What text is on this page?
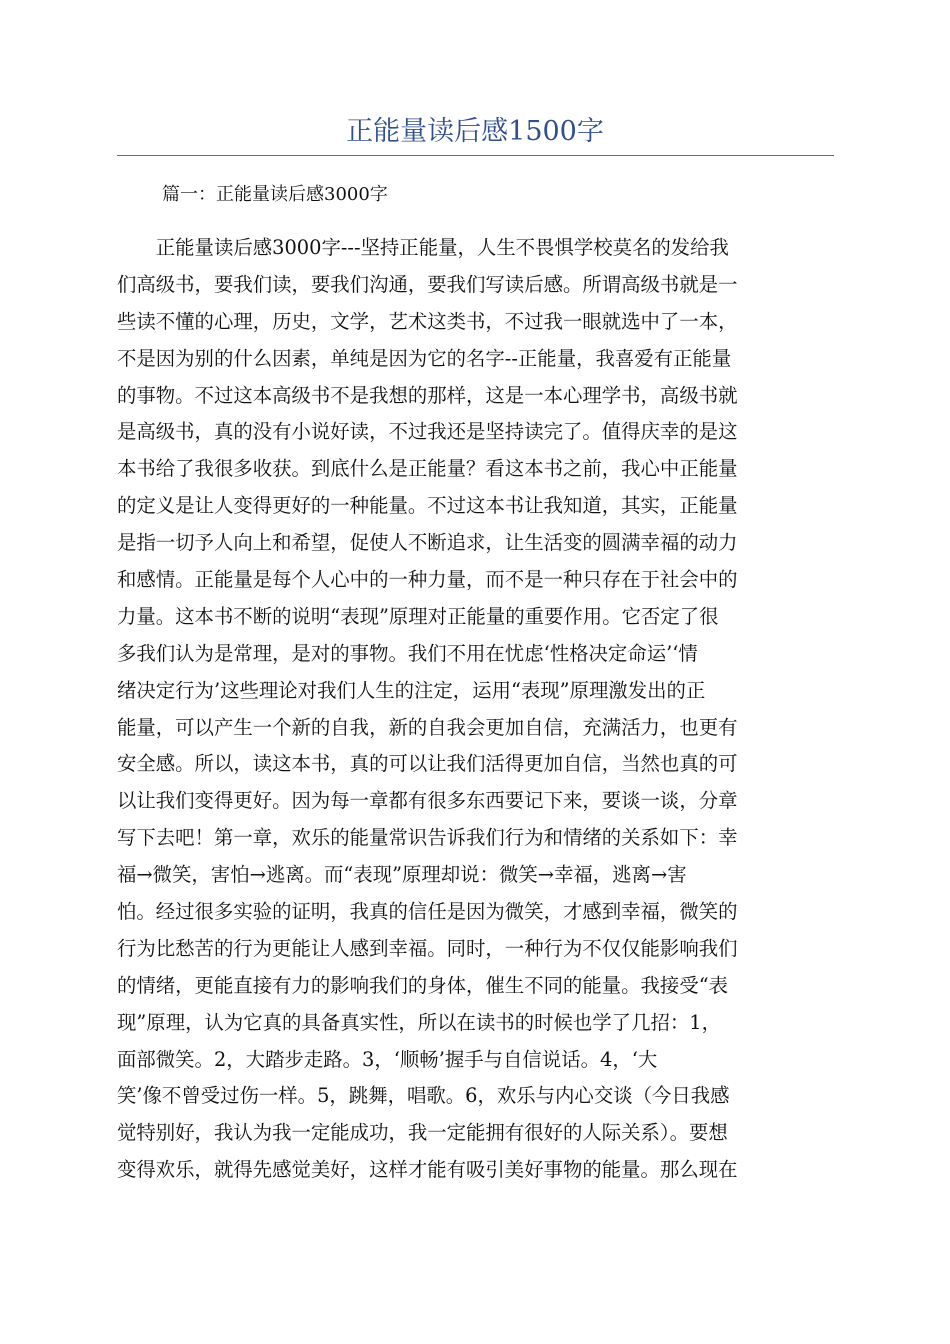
正能量读后感1500字

篇一：正能量读后感3000字

　　正能量读后感3000字---坚持正能量，人生不畏惧学校莫名的发给我
们高级书，要我们读，要我们沟通，要我们写读后感。所谓高级书就是一
些读不懂的心理，历史，文学，艺术这类书，不过我一眼就选中了一本，
不是因为别的什么因素，单纯是因为它的名字--正能量，我喜爱有正能量
的事物。不过这本高级书不是我想的那样，这是一本心理学书，高级书就
是高级书，真的没有小说好读，不过我还是坚持读完了。值得庆幸的是这
本书给了我很多收获。到底什么是正能量？看这本书之前，我心中正能量
的定义是让人变得更好的一种能量。不过这本书让我知道，其实，正能量
是指一切予人向上和希望，促使人不断追求，让生活变的圆满幸福的动力
和感情。正能量是每个人心中的一种力量，而不是一种只存在于社会中的
力量。这本书不断的说明“表现”原理对正能量的重要作用。它否定了很
多我们认为是常理，是对的事物。我们不用在忧虑‘性格决定命运’‘情
绪决定行为’这些理论对我们人生的注定，运用“表现”原理激发出的正
能量，可以产生一个新的自我，新的自我会更加自信，充满活力，也更有
安全感。所以，读这本书，真的可以让我们活得更加自信，当然也真的可
以让我们变得更好。因为每一章都有很多东西要记下来，要谈一谈，分章
写下去吧！第一章，欢乐的能量常识告诉我们行为和情绪的关系如下：幸
福→微笑，害怕→逃离。而“表现”原理却说：微笑→幸福，逃离→害
怕。经过很多实验的证明，我真的信任是因为微笑，才感到幸福，微笑的
行为比愁苦的行为更能让人感到幸福。同时，一种行为不仅仅能影响我们
的情绪，更能直接有力的影响我们的身体，催生不同的能量。我接受“表
现”原理，认为它真的具备真实性，所以在读书的时候也学了几招：1，
面部微笑。2，大踏步走路。3，‘顺畅’握手与自信说话。4，‘大
笑’像不曾受过伤一样。5，跳舞，唱歌。6，欢乐与内心交谈（今日我感
觉特别好，我认为我一定能成功，我一定能拥有很好的人际关系）。要想
变得欢乐，就得先感觉美好，这样才能有吸引美好事物的能量。那么现在
